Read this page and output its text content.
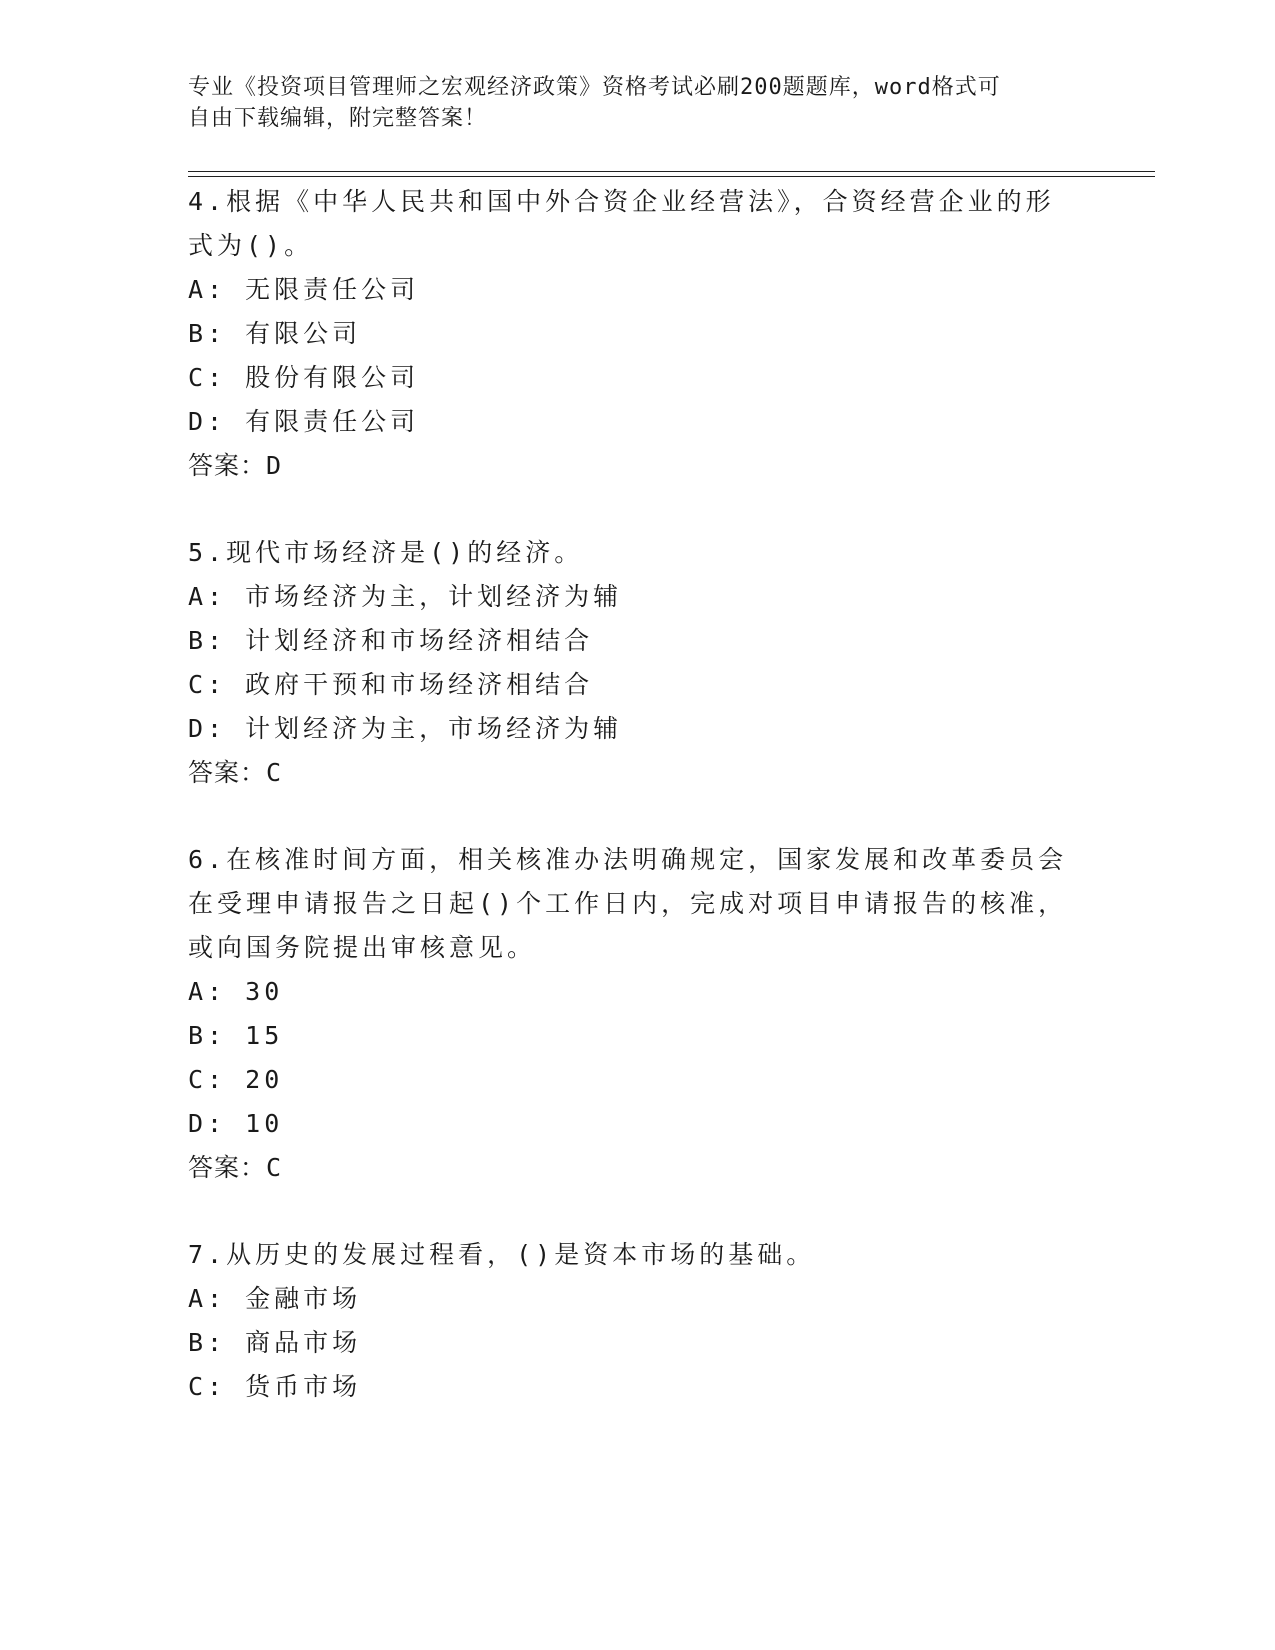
专业《投资项目管理师之宏观经济政策》资格考试必刷200题题库，word格式可
自由下载编辑，附完整答案！
4.根据《中华人民共和国中外合资企业经营法》，合资经营企业的形
式为()。
A: 无限责任公司
B: 有限公司
C: 股份有限公司
D: 有限责任公司
答案：D
5.现代市场经济是()的经济。
A: 市场经济为主，计划经济为辅
B: 计划经济和市场经济相结合
C: 政府干预和市场经济相结合
D: 计划经济为主，市场经济为辅
答案：C
6.在核准时间方面，相关核准办法明确规定，国家发展和改革委员会
在受理申请报告之日起()个工作日内，完成对项目申请报告的核准，
或向国务院提出审核意见。
A: 30
B: 15
C: 20
D: 10
答案：C
7.从历史的发展过程看，()是资本市场的基础。
A: 金融市场
B: 商品市场
C: 货币市场
